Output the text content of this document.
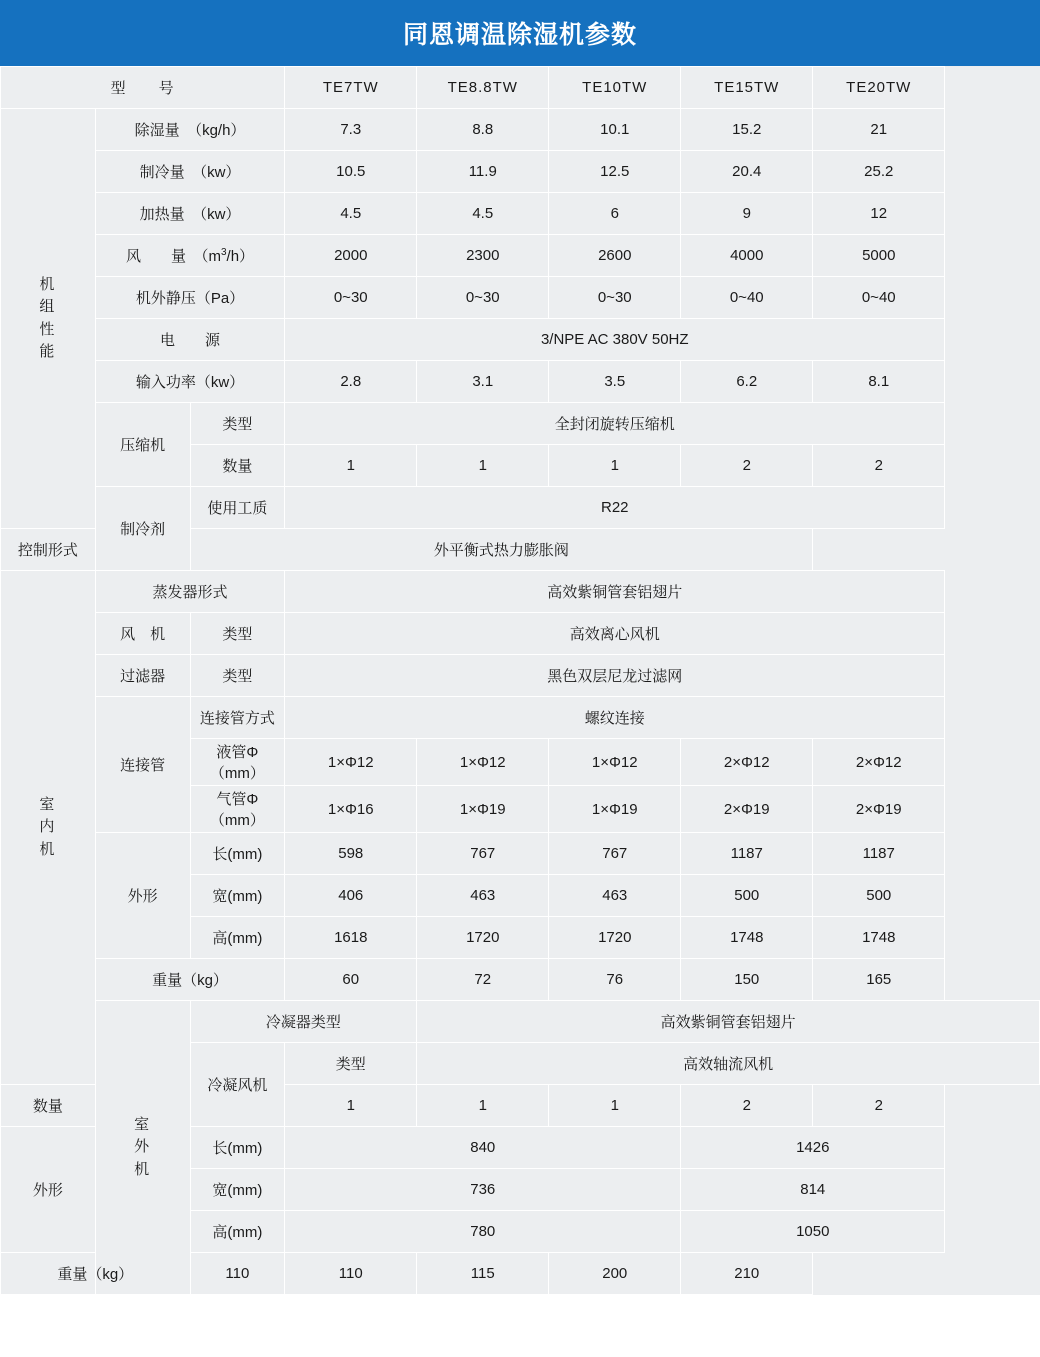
同恩调温除湿机参数
型　　号			TE7TW	TE8.8TW	TE10TW	TE15TW	TE20TW
机
组
性
能	除湿量　（kg/h）		7.3	8.8	10.1	15.2	21
	制冷量　（kw）		10.5	11.9	12.5	20.4	25.2
	加热量　（kw）		4.5	4.5	6	9	12
	风　　量　$(m^3/h)$		2000	2300	2600	4000	5000
	机外静压（Pa）		0~30	0~30	0~30	0~40	0~40
	电　　源		3/NPE AC 380V 50HZ				
	输入功率（kw）		2.8	3.1	3.5	6.2	8.1
	压缩机	类型	全封闭旋转压缩机				
		数量	1	1	1	2	2
	制冷剂	使用工质	R22				
控制形式		外平衡式热力膨胀阀					
室
内
机	蒸发器形式		高效紫铜管套铝翅片				
	风　机	类型	高效离心风机				
	过滤器	类型	黑色双层尼龙过滤网				
	连接管	连接管方式	螺纹连接				
		液管Φ（mm）	1×Φ12	1×Φ12	1×Φ12	2×Φ12	2×Φ12
		气管Φ（mm）	1×Φ16	1×Φ19	1×Φ19	2×Φ19	2×Φ19
	外形	长(mm)	598	767	767	1187	1187
		宽(mm)	406	463	463	500	500
		高(mm)	1618	1720	1720	1748	1748
	重量（kg）		60	72	76	150	165
	室
外
机	冷凝器类型		高效紫铜管套铝翅片			
		冷凝风机	类型	高效轴流风机			
数量			1	1	1	2	2
外形		长(mm)	840			1426	
		宽(mm)	736			814	
		高(mm)	780			1050	
重量（kg）		110	110	115	200	210	
